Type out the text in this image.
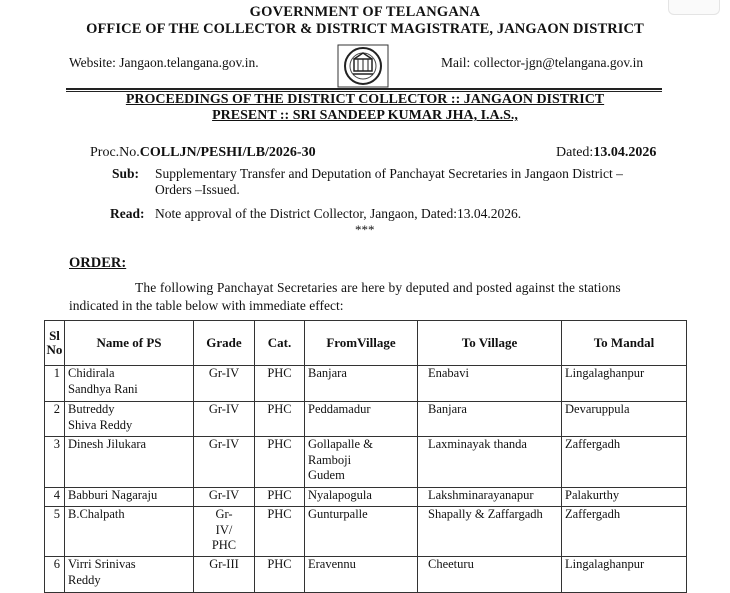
GOVERNMENT OF TELANGANA
OFFICE OF THE COLLECTOR & DISTRICT MAGISTRATE, JANGAON DISTRICT
Website: Jangaon.telangana.gov.in.	Mail: collector-jgn@telangana.gov.in
PROCEEDINGS OF THE DISTRICT COLLECTOR :: JANGAON DISTRICT
PRESENT :: SRI SANDEEP KUMAR JHA, I.A.S.,
Proc.No.COLLJN/PESHI/LB/2026-30	Dated:13.04.2026
Sub: Supplementary Transfer and Deputation of Panchayat Secretaries in Jangaon District –
Orders –Issued.
Read: Note approval of the District Collector, Jangaon, Dated:13.04.2026.
***
ORDER:
The following Panchayat Secretaries are here by deputed and posted against the stations
indicated in the table below with immediate effect:
Sl
No	Name of PS	Grade	Cat.	FromVillage	To Village	To Mandal
1	Chidirala
Sandhya Rani	Gr-IV	PHC	Banjara	Enabavi	Lingalaghanpur
2	Butreddy
Shiva Reddy	Gr-IV	PHC	Peddamadur	Banjara	Devaruppula
3	Dinesh Jilukara	Gr-IV	PHC	Gollapalle &
Ramboji
Gudem	Laxminayak thanda	Zaffergadh
4	Babburi Nagaraju	Gr-IV	PHC	Nyalapogula	Lakshminarayanapur	Palakurthy
5	B.Chalpath	Gr-
IV/
PHC	PHC	Gunturpalle	Shapally & Zaffargadh	Zaffergadh
6	Virri Srinivas
Reddy	Gr-III	PHC	Eravennu	Cheeturu	Lingalaghanpur
